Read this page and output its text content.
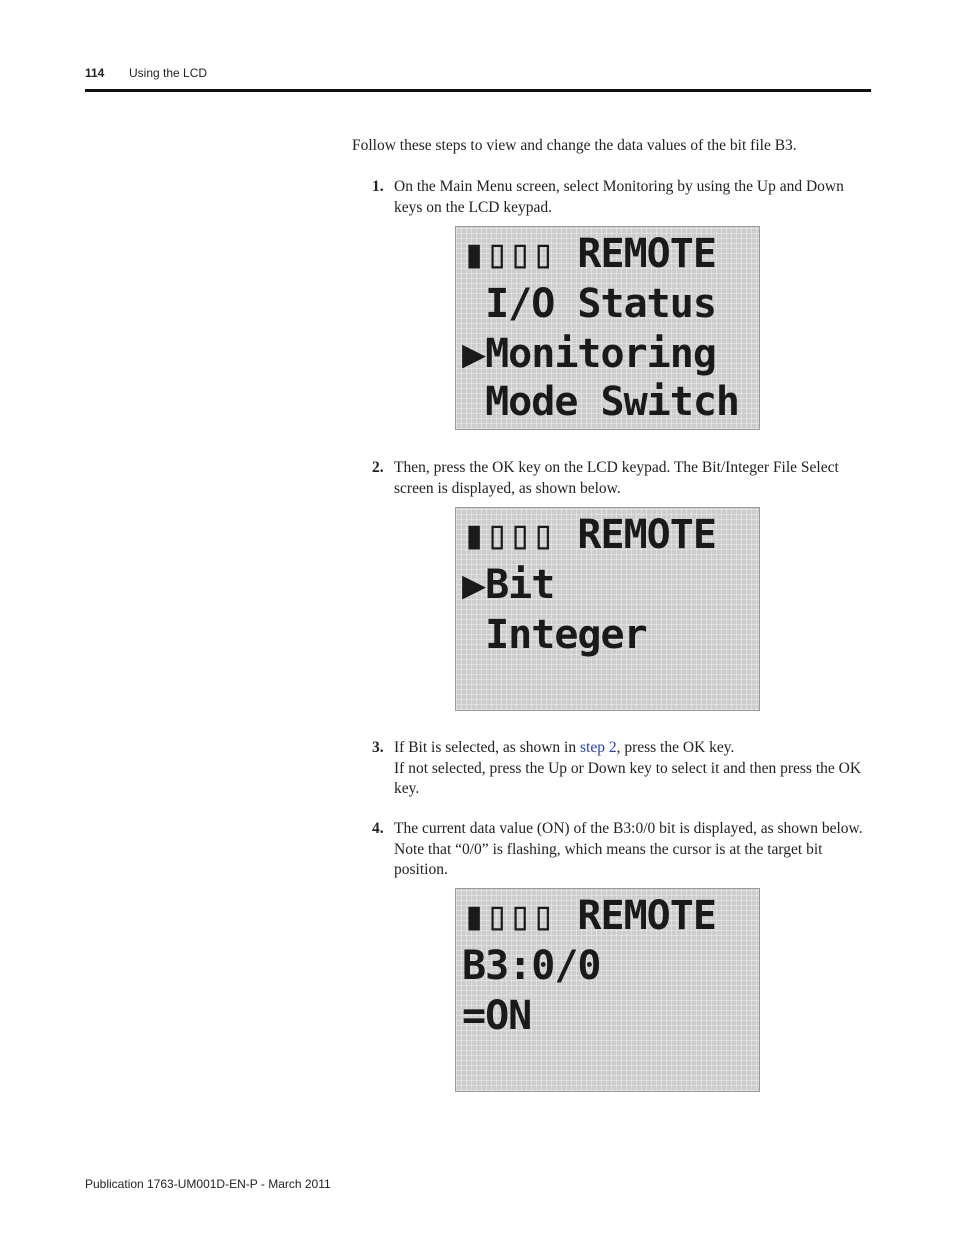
114 Using the LCD

Follow these steps to view and change the data values of the bit file B3.

1. On the Main Menu screen, select Monitoring by using the Up and Down keys on the LCD keypad.
▮▯▯▯ REMOTE
I/O Status
▶Monitoring
Mode Switch
2. Then, press the OK key on the LCD keypad. The Bit/Integer File Select screen is displayed, as shown below.
▮▯▯▯ REMOTE
▶Bit
Integer
3. If Bit is selected, as shown in step 2, press the OK key.
If not selected, press the Up or Down key to select it and then press the OK key.
4. The current data value (ON) of the B3:0/0 bit is displayed, as shown below. Note that “0/0” is flashing, which means the cursor is at the target bit position.
▮▯▯▯ REMOTE
B3:0/0
=ON
Publication 1763-UM001D-EN-P - March 2011
